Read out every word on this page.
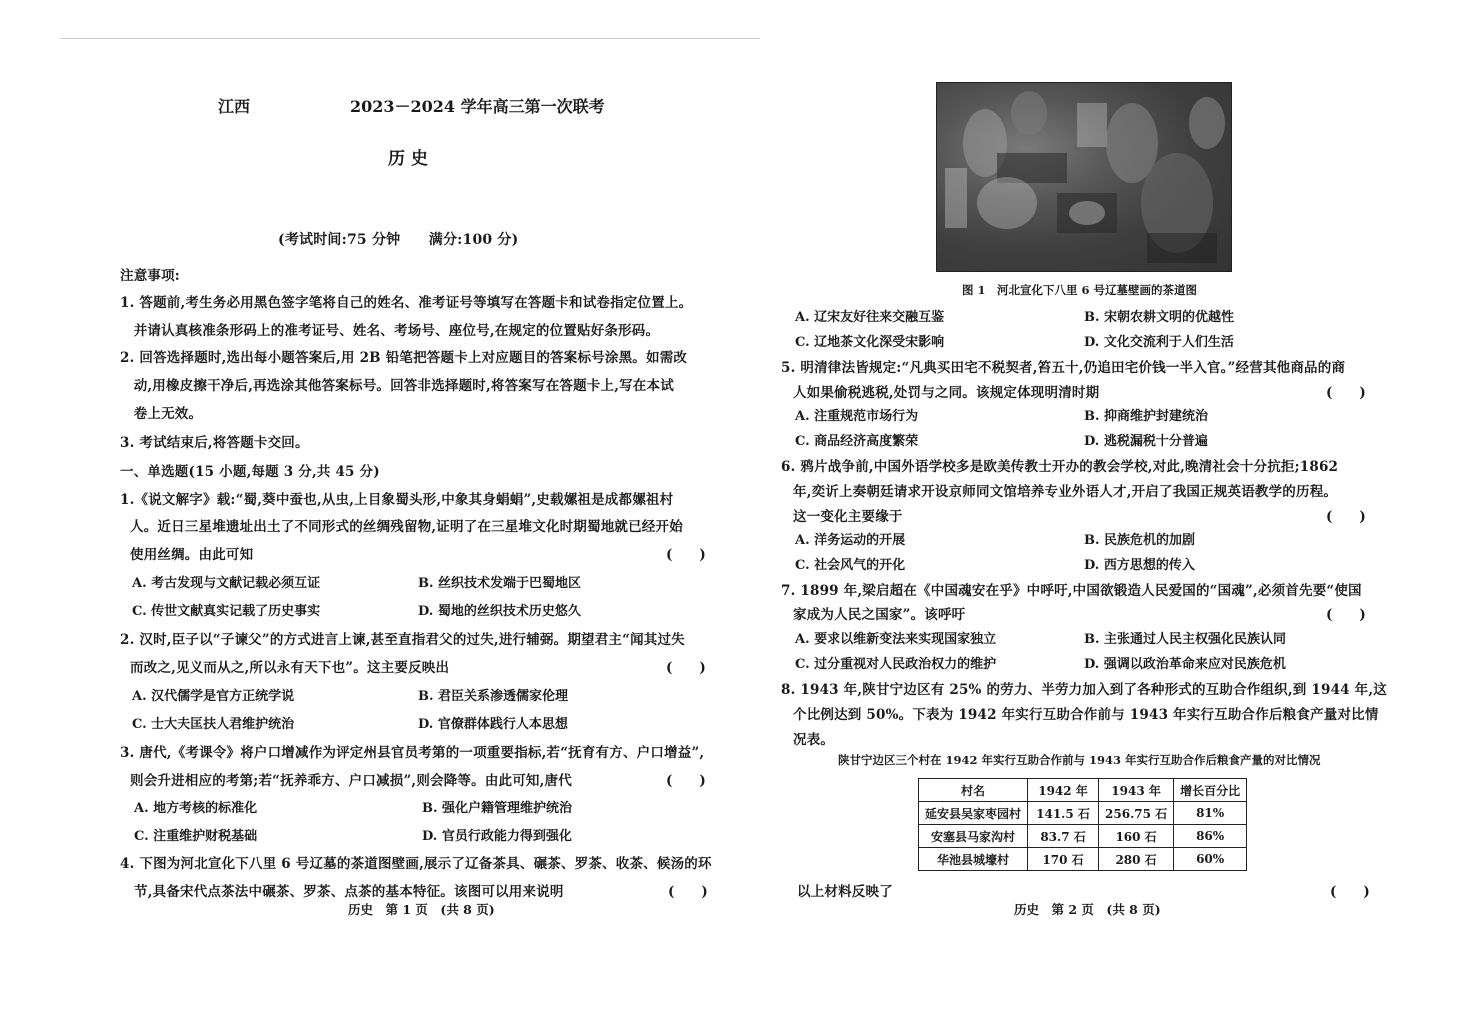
江西	2023－2024 学年高三第一次联考
历 史
(考试时间:75 分钟　　满分:100 分)
注意事项:
1. 答题前,考生务必用黑色签字笔将自己的姓名、准考证号等填写在答题卡和试卷指定位置上。
　并请认真核准条形码上的准考证号、姓名、考场号、座位号,在规定的位置贴好条形码。
2. 回答选择题时,选出每小题答案后,用 2B 铅笔把答题卡上对应题目的答案标号涂黑。如需改
　动,用橡皮擦干净后,再选涂其他答案标号。回答非选择题时,将答案写在答题卡上,写在本试
　卷上无效。
3. 考试结束后,将答题卡交回。
一、单选题(15 小题,每题 3 分,共 45 分)
1.《说文解字》载:“蜀,葵中蚕也,从虫,上目象蜀头形,中象其身蜎蜎”,史载嫘祖是成都嫘祖村
人。近日三星堆遗址出土了不同形式的丝绸残留物,证明了在三星堆文化时期蜀地就已经开始
使用丝绸。由此可知	(　　)
A. 考古发现与文献记载必须互证	B. 丝织技术发端于巴蜀地区
C. 传世文献真实记载了历史事实	D. 蜀地的丝织技术历史悠久
2. 汉时,臣子以“子谏父”的方式进言上谏,甚至直指君父的过失,进行辅弼。期望君主“闻其过失
而改之,见义而从之,所以永有天下也”。这主要反映出	(　　)
A. 汉代儒学是官方正统学说	B. 君臣关系渗透儒家伦理
C. 士大夫匡扶人君维护统治	D. 官僚群体践行人本思想
3. 唐代,《考课令》将户口增减作为评定州县官员考第的一项重要指标,若“抚育有方、户口增益”,
则会升进相应的考第;若“抚养乖方、户口减损”,则会降等。由此可知,唐代	(　　)
A. 地方考核的标准化	B. 强化户籍管理维护统治
C. 注重维护财税基础	D. 官员行政能力得到强化
4. 下图为河北宣化下八里 6 号辽墓的茶道图壁画,展示了辽备茶具、碾茶、罗茶、收茶、候汤的环
节,具备宋代点茶法中碾茶、罗茶、点茶的基本特征。该图可以用来说明	(　　)
历史　第 1 页　(共 8 页)
图 1　河北宣化下八里 6 号辽墓壁画的茶道图
A. 辽宋友好往来交融互鉴	B. 宋朝农耕文明的优越性
C. 辽地茶文化深受宋影响	D. 文化交流利于人们生活
5. 明清律法皆规定:“凡典买田宅不税契者,笞五十,仍追田宅价钱一半入官。”经营其他商品的商
人如果偷税逃税,处罚与之同。该规定体现明清时期	(　　)
A. 注重规范市场行为	B. 抑商维护封建统治
C. 商品经济高度繁荣	D. 逃税漏税十分普遍
6. 鸦片战争前,中国外语学校多是欧美传教士开办的教会学校,对此,晚清社会十分抗拒;1862
年,奕䜣上奏朝廷请求开设京师同文馆培养专业外语人才,开启了我国正规英语教学的历程。
这一变化主要缘于	(　　)
A. 洋务运动的开展	B. 民族危机的加剧
C. 社会风气的开化	D. 西方思想的传入
7. 1899 年,梁启超在《中国魂安在乎》中呼吁,中国欲锻造人民爱国的“国魂”,必须首先要“使国
家成为人民之国家”。该呼吁	(　　)
A. 要求以维新变法来实现国家独立	B. 主张通过人民主权强化民族认同
C. 过分重视对人民政治权力的维护	D. 强调以政治革命来应对民族危机
8. 1943 年,陕甘宁边区有 25% 的劳力、半劳力加入到了各种形式的互助合作组织,到 1944 年,这
个比例达到 50%。下表为 1942 年实行互助合作前与 1943 年实行互助合作后粮食产量对比情
况表。
陕甘宁边区三个村在 1942 年实行互助合作前与 1943 年实行互助合作后粮食产量的对比情况
村名	1942 年	1943 年	增长百分比
延安县吴家枣园村	141.5 石	256.75 石	81%
安塞县马家沟村	83.7 石	160 石	86%
华池县城壕村	170 石	280 石	60%
以上材料反映了	(　　)
历史　第 2 页　(共 8 页)
